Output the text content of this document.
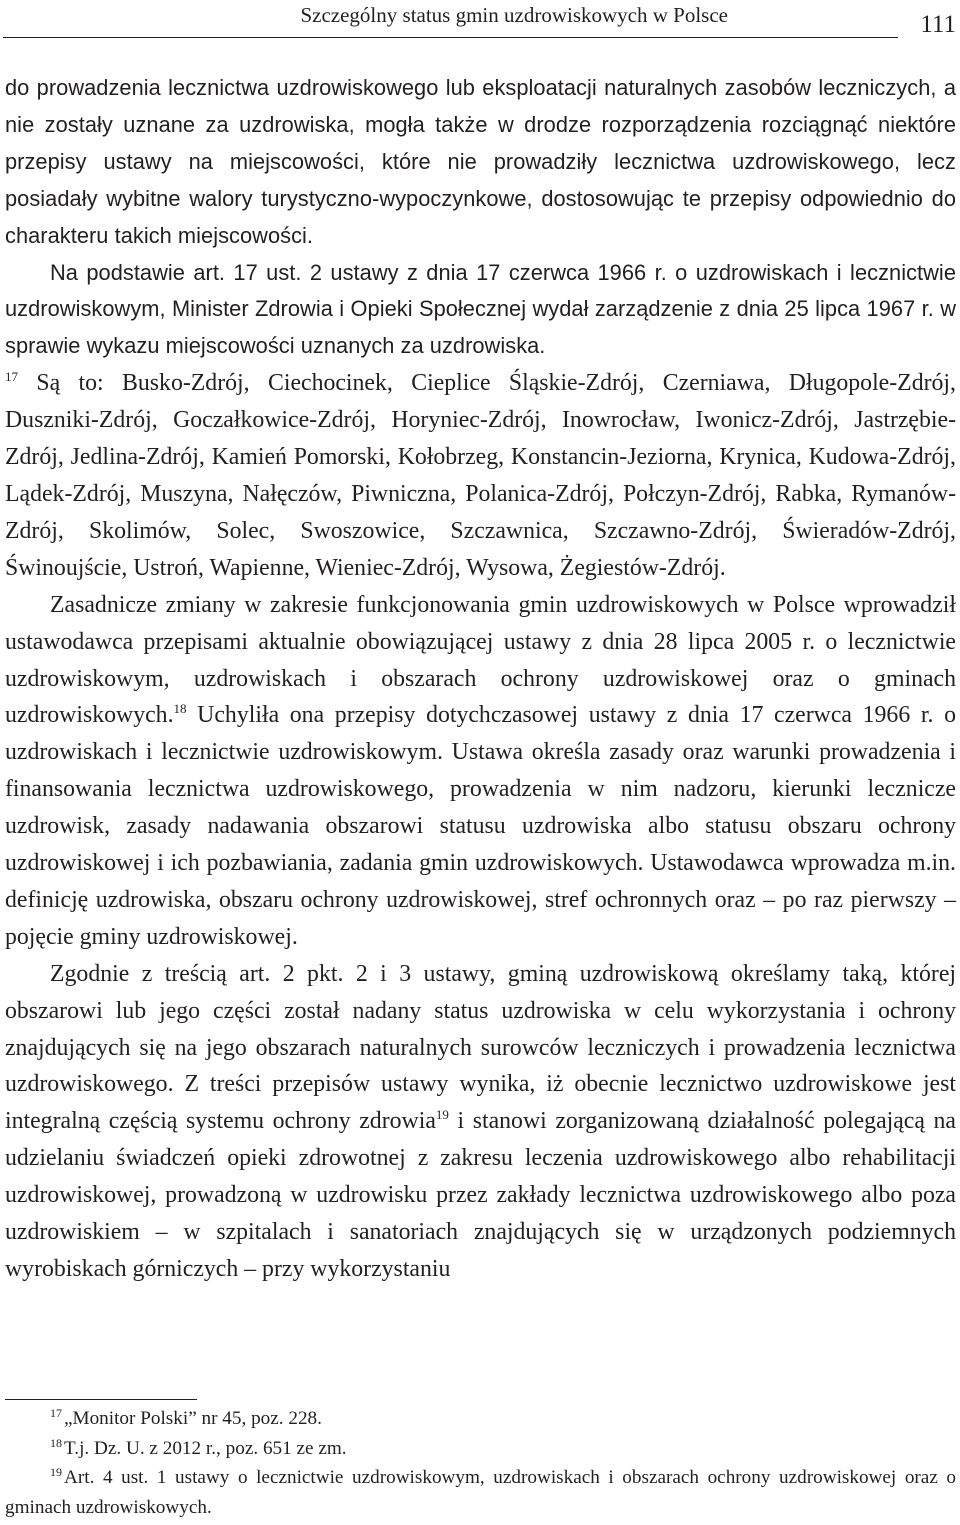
Szczególny status gmin uzdrowiskowych w Polsce	111

do prowadzenia lecznictwa uzdrowiskowego lub eksploatacji naturalnych zasobów leczniczych, a nie zostały uznane za uzdrowiska, mogła także w drodze rozporządzenia rozciągnąć niektóre przepisy ustawy na miejscowości, które nie prowadziły lecznictwa uzdrowiskowego, lecz posiadały wybitne walory turystyczno-wypoczynkowe, dostosowując te przepisy odpowiednio do charakteru takich miejscowości.

Na podstawie art. 17 ust. 2 ustawy z dnia 17 czerwca 1966 r. o uzdrowiskach i lecznictwie uzdrowiskowym, Minister Zdrowia i Opieki Społecznej wydał zarządzenie z dnia 25 lipca 1967 r. w sprawie wykazu miejscowości uznanych za uzdrowiska.

$^{17}$ Są to: Busko-Zdrój, Ciechocinek, Cieplice Śląskie-Zdrój, Czerniawa, Długopole-Zdrój, Duszniki-Zdrój, Goczałkowice-Zdrój, Horyniec-Zdrój, Inowrocław, Iwonicz-Zdrój, Jastrzębie-Zdrój, Jedlina-Zdrój, Kamień Pomorski, Kołobrzeg, Konstancin-Jeziorna, Krynica, Kudowa-Zdrój, Lądek-Zdrój, Muszyna, Nałęczów, Piwniczna, Polanica-Zdrój, Połczyn-Zdrój, Rabka, Rymanów-Zdrój, Skolimów, Solec, Swoszowice, Szczawnica, Szczawno-Zdrój, Świeradów-Zdrój, Świnoujście, Ustroń, Wapienne, Wieniec-Zdrój, Wysowa, Żegiestów-Zdrój.

Zasadnicze zmiany w zakresie funkcjonowania gmin uzdrowiskowych w Polsce wprowadził ustawodawca przepisami aktualnie obowiązującej ustawy z dnia 28 lipca 2005 r. o lecznictwie uzdrowiskowym, uzdrowiskach i obszarach ochrony uzdrowiskowej oraz o gminach uzdrowiskowych.$^{18}$ Uchyliła ona przepisy dotychczasowej ustawy z dnia 17 czerwca 1966 r. o uzdrowiskach i lecznictwie uzdrowiskowym. Ustawa określa zasady oraz warunki prowadzenia i finansowania lecznictwa uzdrowiskowego, prowadzenia w nim nadzoru, kierunki lecznicze uzdrowisk, zasady nadawania obszarowi statusu uzdrowiska albo statusu obszaru ochrony uzdrowiskowej i ich pozbawiania, zadania gmin uzdrowiskowych. Ustawodawca wprowadza m.in. definicję uzdrowiska, obszaru ochrony uzdrowiskowej, stref ochronnych oraz – po raz pierwszy – pojęcie gminy uzdrowiskowej.

Zgodnie z treścią art. 2 pkt. 2 i 3 ustawy, gminą uzdrowiskową określamy taką, której obszarowi lub jego części został nadany status uzdrowiska w celu wykorzystania i ochrony znajdujących się na jego obszarach naturalnych surowców leczniczych i prowadzenia lecznictwa uzdrowiskowego. Z treści przepisów ustawy wynika, iż obecnie lecznictwo uzdrowiskowe jest integralną częścią systemu ochrony zdrowia$^{19}$ i stanowi zorganizowaną działalność polegającą na udzielaniu świadczeń opieki zdrowotnej z zakresu leczenia uzdrowiskowego albo rehabilitacji uzdrowiskowej, prowadzoną w uzdrowisku przez zakłady lecznictwa uzdrowiskowego albo poza uzdrowiskiem – w szpitalach i sanatoriach znajdujących się w urządzonych podziemnych wyrobiskach górniczych – przy wykorzystaniu

$^{17}$ „Monitor Polski” nr 45, poz. 228.

$^{18}$ T.j. Dz. U. z 2012 r., poz. 651 ze zm.

$^{19}$ Art. 4 ust. 1 ustawy o lecznictwie uzdrowiskowym, uzdrowiskach i obszarach ochrony uzdrowiskowej oraz o gminach uzdrowiskowych.
